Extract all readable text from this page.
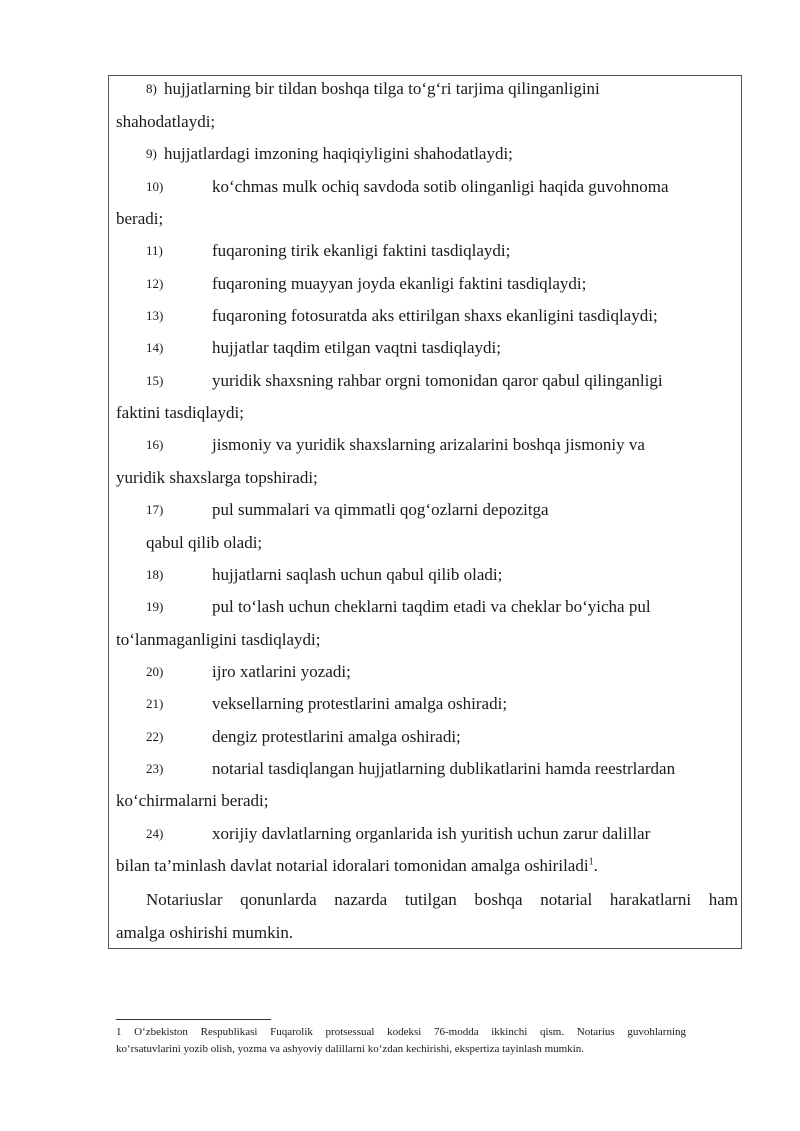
8) hujjatlarning bir tildan boshqa tilga to‘g‘ri tarjima qilinganligini
shahodatlaydi;
9) hujjatlardagi imzoning haqiqiyligini shahodatlaydi;
10)	ko‘chmas mulk ochiq savdoda sotib olinganligi haqida guvohnoma
beradi;
11)	fuqaroning tirik ekanligi faktini tasdiqlaydi;
12)	fuqaroning muayyan joyda ekanligi faktini tasdiqlaydi;
13)	fuqaroning fotosuratda aks ettirilgan shaxs ekanligini tasdiqlaydi;
14)	hujjatlar taqdim etilgan vaqtni tasdiqlaydi;
15)	yuridik shaxsning rahbar orgni tomonidan qaror qabul qilinganligi
faktini tasdiqlaydi;
16)	jismoniy va yuridik shaxslarning arizalarini boshqa jismoniy va
yuridik shaxslarga topshiradi;
17)	pul summalari va qimmatli qog‘ozlarni depozitga
qabul qilib oladi;
18)	hujjatlarni saqlash uchun qabul qilib oladi;
19)	pul to‘lash uchun cheklarni taqdim etadi va cheklar bo‘yicha pul
to‘lanmaganligini tasdiqlaydi;
20)	ijro xatlarini yozadi;
21)	veksellarning protestlarini amalga oshiradi;
22)	dengiz protestlarini amalga oshiradi;
23)	notarial tasdiqlangan hujjatlarning dublikatlarini hamda reestrlardan
ko‘chirmalarni beradi;
24)	xorijiy davlatlarning organlarida ish yuritish uchun zarur dalillar
bilan ta’minlash davlat notarial idoralari tomonidan amalga oshiriladi$^1$.
Notariuslar qonunlarda nazarda tutilgan boshqa notarial harakatlarni ham
amalga oshirishi mumkin.
1 O‘zbekiston Respublikasi Fuqarolik protsessual kodeksi 76-modda ikkinchi qism. Notarius guvohlarning
ko‘rsatuvlarini yozib olish, yozma va ashyoviy dalillarni ko‘zdan kechirishi, ekspertiza tayinlash mumkin.
